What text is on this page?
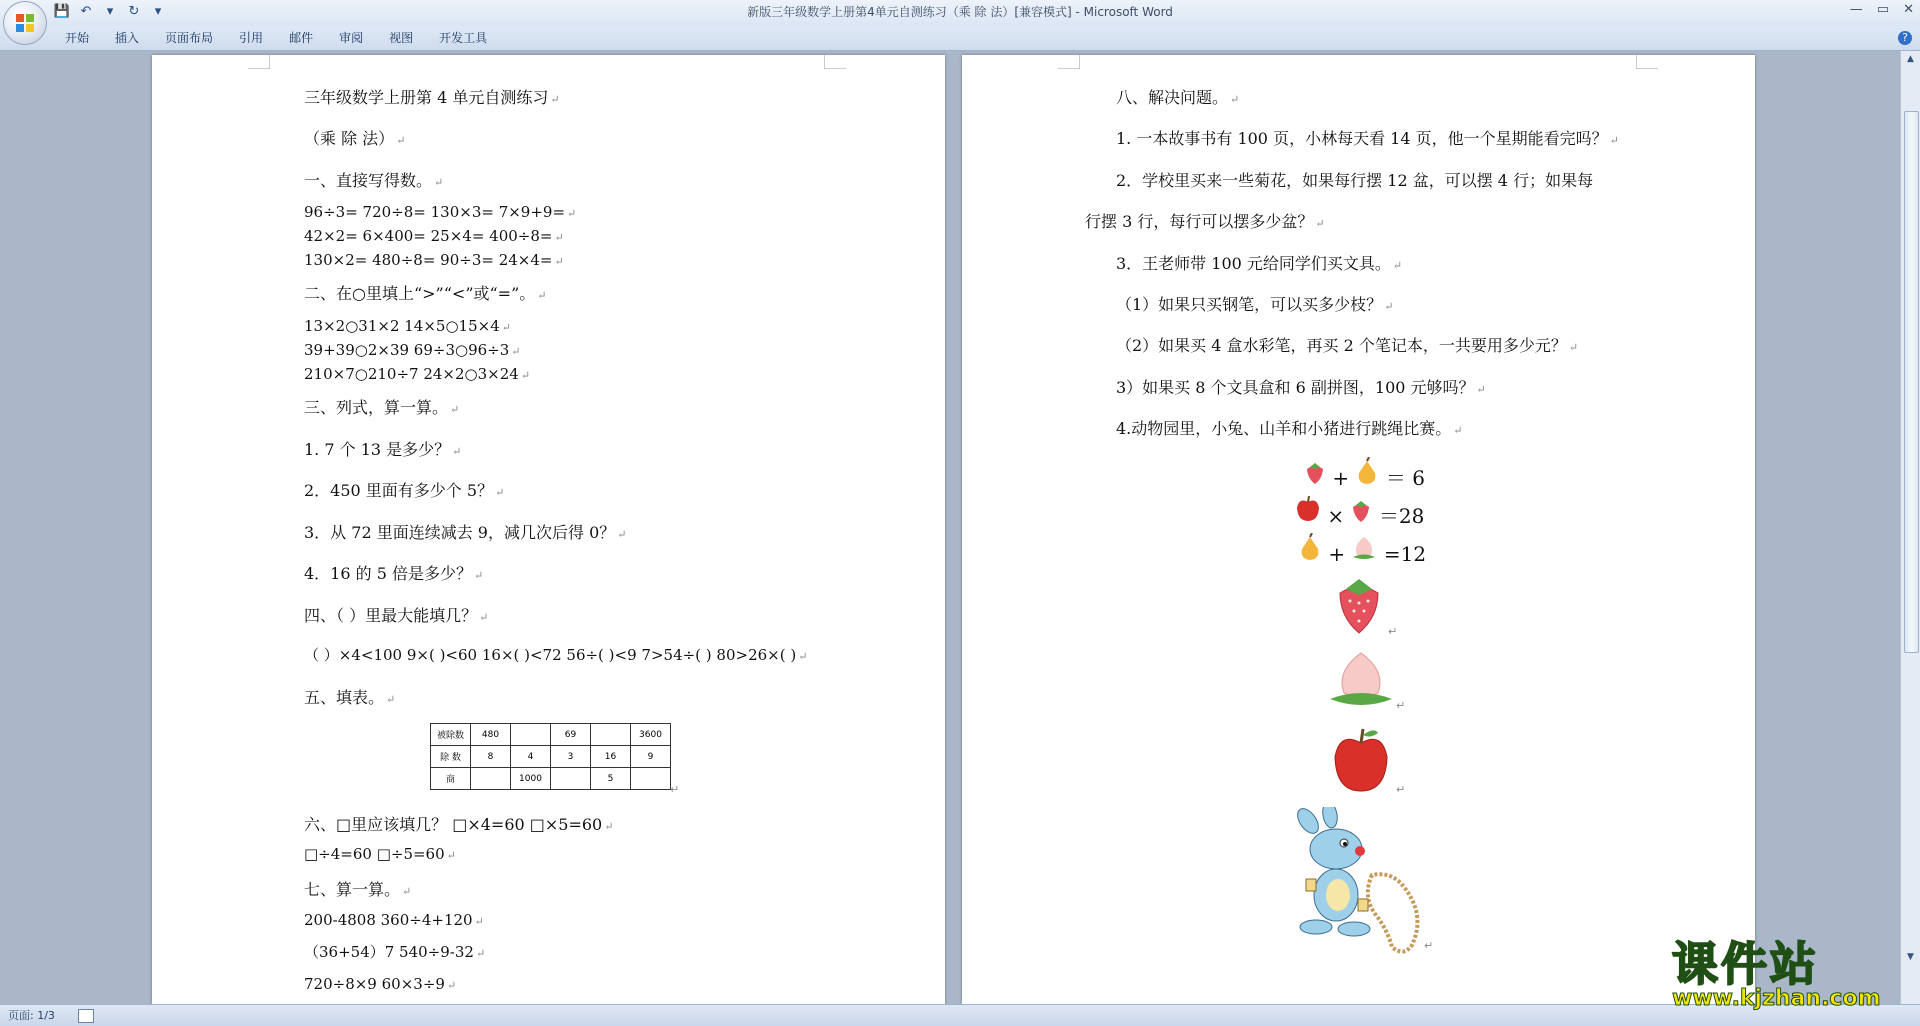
新版三年级数学上册第4单元自测练习（乘 除 法）[兼容模式] - Microsoft Word
💾 ↶	▾	↻	▾	— ▭ ✕
开始	插入	页面布局	引用	邮件	审阅	视图	开发工具	?
三年级数学上册第 4 单元自测练习 ↵
（乘 除 法） ↵
一、直接写得数。 ↵
96÷3= 720÷8= 130×3= 7×9+9= ↵
42×2= 6×400= 25×4= 400÷8= ↵
130×2= 480÷8= 90÷3= 24×4= ↵
二、在○里填上“>”“<”或“=”。 ↵
13×2○31×2 14×5○15×4 ↵
39+39○2×39 69÷3○96÷3 ↵
210×7○210÷7 24×2○3×24 ↵
三、列式，算一算。 ↵
1. 7 个 13 是多少？ ↵
2．450 里面有多少个 5？ ↵
3．从 72 里面连续减去 9，减几次后得 0？ ↵
4．16 的 5 倍是多少？ ↵
四、（ ）里最大能填几？ ↵
（ ）×4<100 9×( )<60 16×( )<72 56÷( )<9 7>54÷( ) 80>26×( ) ↵
五、填表。 ↵
被除数	480		69		3600
除 数	8	4	3	16	9
商		1000		5	
↵
六、□里应该填几？ □×4=60 □×5=60 ↵
□÷4=60 □÷5=60 ↵
七、算一算。 ↵
200-4808 360÷4+120 ↵
（36+54）7 540÷9-32 ↵
720÷8×9 60×3÷9 ↵
八、解决问题。 ↵
1. 一本故事书有 100 页，小林每天看 14 页，他一个星期能看完吗？ ↵
2．学校里买来一些菊花，如果每行摆 12 盆，可以摆 4 行；如果每
行摆 3 行，每行可以摆多少盆？ ↵
3．王老师带 100 元给同学们买文具。 ↵
（1）如果只买钢笔，可以买多少枝？ ↵
（2）如果买 4 盒水彩笔，再买 2 个笔记本，一共要用多少元？ ↵
3）如果买 8 个文具盒和 6 副拼图，100 元够吗？ ↵
4.动物园里，小兔、山羊和小猪进行跳绳比赛。 ↵
+ ＝ 6
× ＝28
+ =12
↵
↵
↵
↵
▲
▼
页面: 1/3
课件站
www.kjzhan.com
